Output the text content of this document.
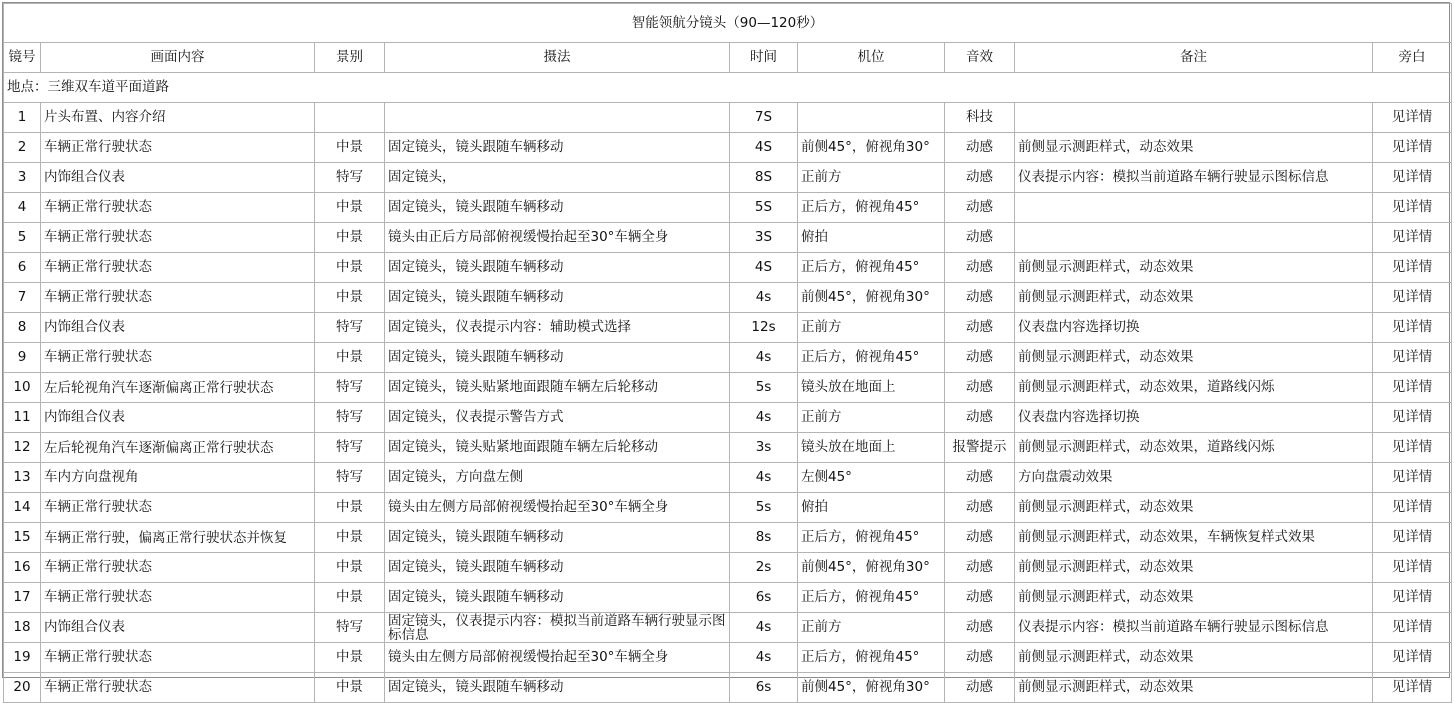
智能领航分镜头（90—120秒）								
镜号	画面内容	景别	摄法	时间	机位	音效	备注	旁白
地点：三维双车道平面道路								
1	片头布置、内容介绍			7S		科技		见详情
2	车辆正常行驶状态	中景	固定镜头，镜头跟随车辆移动	4S	前侧45°，俯视角30°	动感	前侧显示测距样式，动态效果	见详情
3	内饰组合仪表	特写	固定镜头，	8S	正前方	动感	仪表提示内容：模拟当前道路车辆行驶显示图标信息	见详情
4	车辆正常行驶状态	中景	固定镜头，镜头跟随车辆移动	5S	正后方，俯视角45°	动感		见详情
5	车辆正常行驶状态	中景	镜头由正后方局部俯视缓慢抬起至30°车辆全身	3S	俯拍	动感		见详情
6	车辆正常行驶状态	中景	固定镜头，镜头跟随车辆移动	4S	正后方，俯视角45°	动感	前侧显示测距样式，动态效果	见详情
7	车辆正常行驶状态	中景	固定镜头，镜头跟随车辆移动	4s	前侧45°，俯视角30°	动感	前侧显示测距样式，动态效果	见详情
8	内饰组合仪表	特写	固定镜头，仪表提示内容：辅助模式选择	12s	正前方	动感	仪表盘内容选择切换	见详情
9	车辆正常行驶状态	中景	固定镜头，镜头跟随车辆移动	4s	正后方，俯视角45°	动感	前侧显示测距样式，动态效果	见详情
10	左后轮视角汽车逐渐偏离正常行驶状态	特写	固定镜头，镜头贴紧地面跟随车辆左后轮移动	5s	镜头放在地面上	动感	前侧显示测距样式，动态效果，道路线闪烁	见详情
11	内饰组合仪表	特写	固定镜头，仪表提示警告方式	4s	正前方	动感	仪表盘内容选择切换	见详情
12	左后轮视角汽车逐渐偏离正常行驶状态	特写	固定镜头，镜头贴紧地面跟随车辆左后轮移动	3s	镜头放在地面上	报警提示	前侧显示测距样式，动态效果，道路线闪烁	见详情
13	车内方向盘视角	特写	固定镜头，方向盘左侧	4s	左侧45°	动感	方向盘震动效果	见详情
14	车辆正常行驶状态	中景	镜头由左侧方局部俯视缓慢抬起至30°车辆全身	5s	俯拍	动感	前侧显示测距样式，动态效果	见详情
15	车辆正常行驶，偏离正常行驶状态并恢复	中景	固定镜头，镜头跟随车辆移动	8s	正后方，俯视角45°	动感	前侧显示测距样式，动态效果，车辆恢复样式效果	见详情
16	车辆正常行驶状态	中景	固定镜头，镜头跟随车辆移动	2s	前侧45°，俯视角30°	动感	前侧显示测距样式，动态效果	见详情
17	车辆正常行驶状态	中景	固定镜头，镜头跟随车辆移动	6s	正后方，俯视角45°	动感	前侧显示测距样式，动态效果	见详情
18	内饰组合仪表	特写	固定镜头，仪表提示内容：模拟当前道路车辆行驶显示图标信息	4s	正前方	动感	仪表提示内容：模拟当前道路车辆行驶显示图标信息	见详情
19	车辆正常行驶状态	中景	镜头由左侧方局部俯视缓慢抬起至30°车辆全身	4s	正后方，俯视角45°	动感	前侧显示测距样式，动态效果	见详情
20	车辆正常行驶状态	中景	固定镜头，镜头跟随车辆移动	6s	前侧45°，俯视角30°	动感	前侧显示测距样式，动态效果	见详情
